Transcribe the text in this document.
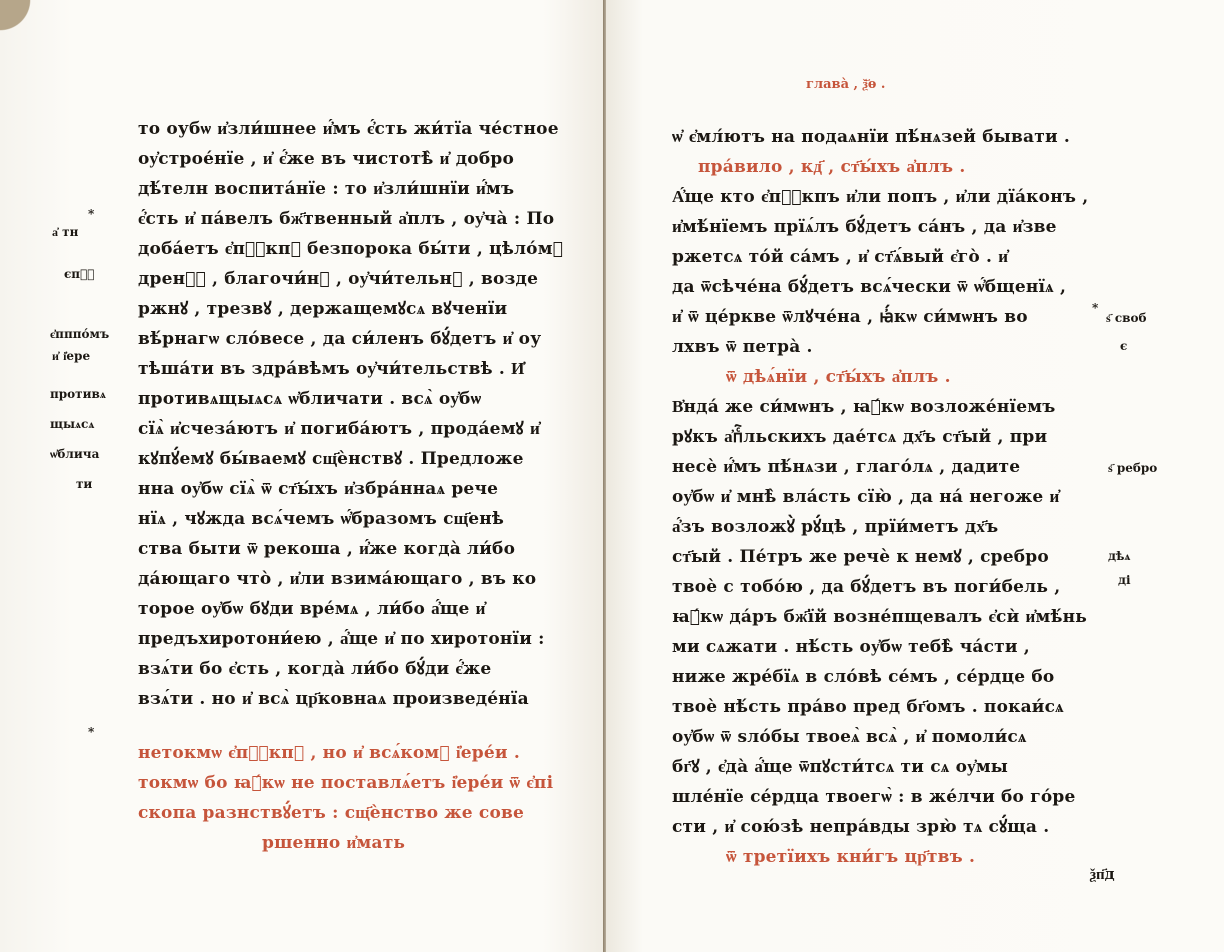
то оубѡ и҆зли́шнее и҆́мъ є҆́сть жи́тїа че́стное
оу҆строе́нїе , и҆ є҆́же въ чистотѣ̀ и҆ добро
дѣ́телн воспита́нїе : то и҆зли́шнїи и҆́мъ
є҆́сть и҆ па́велъ бж҃твенный а҆плъ , оу҆ча̀ : По
доба́етъ є҆пⷭ҇кпꙋ безпорока бы́ти , цѣло́мꙋ
дрен꙽ꙋ , благочи́нꙋ , оу҆чи́тельнꙋ , возде
ржнꙋ , трезвꙋ , держащемꙋсѧ вꙋченїи
вѣ́рнагѡ сло́весе , да си́ленъ бꙋ́детъ и҆ оу
тѣша́ти въ здра́вѣмъ оу҆чи́тельствѣ . И҆
противѧщыѧсѧ ѡ҆бличати . всѧ̀ оу҆бѡ
сїѧ̀ и҆счеза́ютъ и҆ погиба́ютъ , прода́емꙋ и҆
кꙋпꙋ́емꙋ бы́ваемꙋ сщ҃ѐнствꙋ . Предложе
нна оу҆бѡ сїѧ̀ ѿ ст҃ы́хъ и҆збра́ннаѧ рече
нїѧ , чꙋжда всѧ́чемъ ѡ҆́бразомъ сщ҃енѣ
ства быти ѿ рекоша , и҆́же когда̀ ли́бо
да́ющаго что̀ , и҆ли взима́ющаго , въ ко
торое оу҆бѡ бꙋди вре́мѧ , ли́бо а҆́ще и҆
предъхиротони́ею , а҆́ще и҆ по хиротонїи :
взѧ́ти бо є҆сть , когда̀ ли́бо бꙋ́ди є҆́же
взѧ́ти . но и҆ всѧ̀ цр҃ковнаѧ произведе́нїа
нетокмѡ є҆пⷭ҇кпꙋ , но и҆ всѧ́комꙋ і҆ере́и .
токмѡ бо ꙗ҆́кѡ не поставлѧ́етъ і҆ере́и ѿ є҆пі
скопа разнствꙋ́етъ : сщ҃ѐнство же сове
ршенно и҆мать
*
а҆ тн
єпⷭ҇
є҆пппо́мъ
и҆ і҆ере
противѧ
щыѧсѧ
ѡ҆блича
ти
*
глава̀ , ѯ҃ѳ .
ѡ҆ є҆мл́ютъ на подаѧнїи пѣ́нѧзей бывати .
пра́вило , кд҃ , ст҃ы́хъ а҆плъ .
А҆́ще кто є҆пⷭ҇кпъ и҆ли попъ , и҆ли дїа́конъ ,
и҆мѣ́нїемъ прїѧ́лъ бꙋ́детъ са́нъ , да и҆зве
ржетсѧ то́й са́мъ , и҆ ст҃ѧ́вый є҆го̀ . и҆
да ѿсѣче́на бꙋ́детъ всѧ́чески ѿ ѡ҆́бщенїѧ ,
и҆ ѿ це́ркве ѿлꙋче́на , ꙗ҆́кѡ си́мѡнъ во
лхвъ ѿ петра̀ .
ѿ дѣѧ́нїи , ст҃ы́хъ а҆плъ .
В҆нда́ же си́мѡнъ , ꙗ҆́кѡ возложе́нїемъ
рꙋкъ а҆пⷭ҇льскихъ дае́тсѧ дх҃ъ ст҃ый , при
несѐ и҆́мъ пѣ́нѧзи , глаго́лѧ , дадите
оу҆бѡ и҆ мнѣ̀ вла́сть сїю̀ , да на́ негоже и҆
а҆́зъ возложꙋ̀ рꙋ́цѣ , прїи́метъ дх҃ъ
ст҃ый . Пе́тръ же речѐ к немꙋ , сребро
твоѐ с тобо́ю , да бꙋ́детъ въ поги́бель ,
ꙗ҆́кѡ да́ръ бж҃їй возне́пщевалъ є҆сѝ и҆мѣ́нь
ми сѧжати . нѣ́сть оу҆бѡ тебѣ̀ ча́сти ,
ниже жре́бїѧ в сло́вѣ се́мъ , се́рдце бо
твоѐ нѣ́сть пра́во пред бг҃омъ . покаи́сѧ
оу҆бѡ ѿ ѕло́бы твоеѧ̀ всѧ̀ , и҆ помоли́сѧ
бг҃ꙋ , є҆да̀ а҆́ще ѿпꙋсти́тсѧ ти сѧ оу҆мы
шле́нїе се́рдца твоегѡ̀ : в же́лчи бо го́ре
сти , и҆ сою́зѣ непра́вды зрю̀ тѧ сꙋ́ща .
ѿ третїихъ кни́гъ цр҃твъ .
*
ѕ҃ своб
є
ѕ҃ ребро
дѣѧ
ді
ѯп҃д
